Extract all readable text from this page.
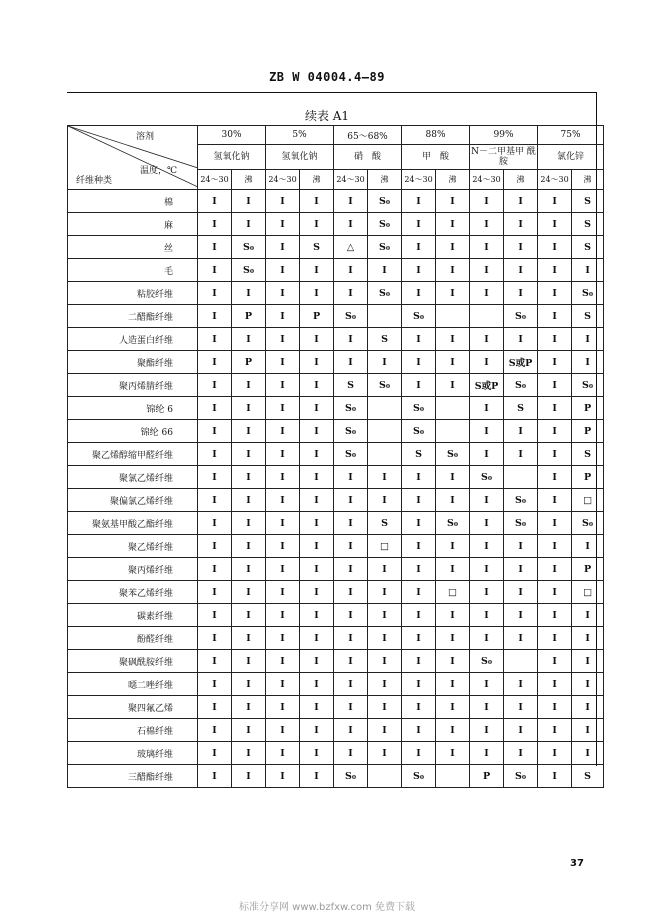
ZB W 04004.4—89
续表 A1
溶剂
温度，℃
纤维种类	30%		5%		65～68%		88%		99%		75%	
	氢氧化钠		氢氧化钠		硝　酸		甲　酸		N－二甲基甲 酰 胺		氯化锌	
	24～30	沸	24～30	沸	24～30	沸	24～30	沸	24～30	沸	24～30	沸
棉	I	I	I	I	I	S₀	I	I	I	I	I	S
麻	I	I	I	I	I	S₀	I	I	I	I	I	S
丝	I	S₀	I	S	△	S₀	I	I	I	I	I	S
毛	I	S₀	I	I	I	I	I	I	I	I	I	I
粘胶纤维	I	I	I	I	I	S₀	I	I	I	I	I	S₀
二醋酯纤维	I	P	I	P	S₀		S₀			S₀	I	S
人造蛋白纤维	I	I	I	I	I	S	I	I	I	I	I	I
聚酯纤维	I	P	I	I	I	I	I	I	I	S或P	I	I
聚丙烯腈纤维	I	I	I	I	S	S₀	I	I	S或P	S₀	I	S₀
锦纶 6	I	I	I	I	S₀		S₀		I	S	I	P
锦纶 66	I	I	I	I	S₀		S₀		I	I	I	P
聚乙烯醇缩甲醛纤维	I	I	I	I	S₀		S	S₀	I	I	I	S
聚氯乙烯纤维	I	I	I	I	I	I	I	I	S₀		I	P
聚偏氯乙烯纤维	I	I	I	I	I	I	I	I	I	S₀	I	□
聚氨基甲酸乙酯纤维	I	I	I	I	I	S	I	S₀	I	S₀	I	S₀
聚乙烯纤维	I	I	I	I	I	□	I	I	I	I	I	I
聚丙烯纤维	I	I	I	I	I	I	I	I	I	I	I	P
聚苯乙烯纤维	I	I	I	I	I	I	I	□	I	I	I	□
碳素纤维	I	I	I	I	I	I	I	I	I	I	I	I
酚醛纤维	I	I	I	I	I	I	I	I	I	I	I	I
聚砜酰胺纤维	I	I	I	I	I	I	I	I	S₀		I	I
噁二唑纤维	I	I	I	I	I	I	I	I	I	I	I	I
聚四氟乙烯	I	I	I	I	I	I	I	I	I	I	I	I
石棉纤维	I	I	I	I	I	I	I	I	I	I	I	I
玻璃纤维	I	I	I	I	I	I	I	I	I	I	I	I
三醋酯纤维	I	I	I	I	S₀		S₀		P	S₀	I	S
37
标准分享网 www.bzfxw.com 免费下载
